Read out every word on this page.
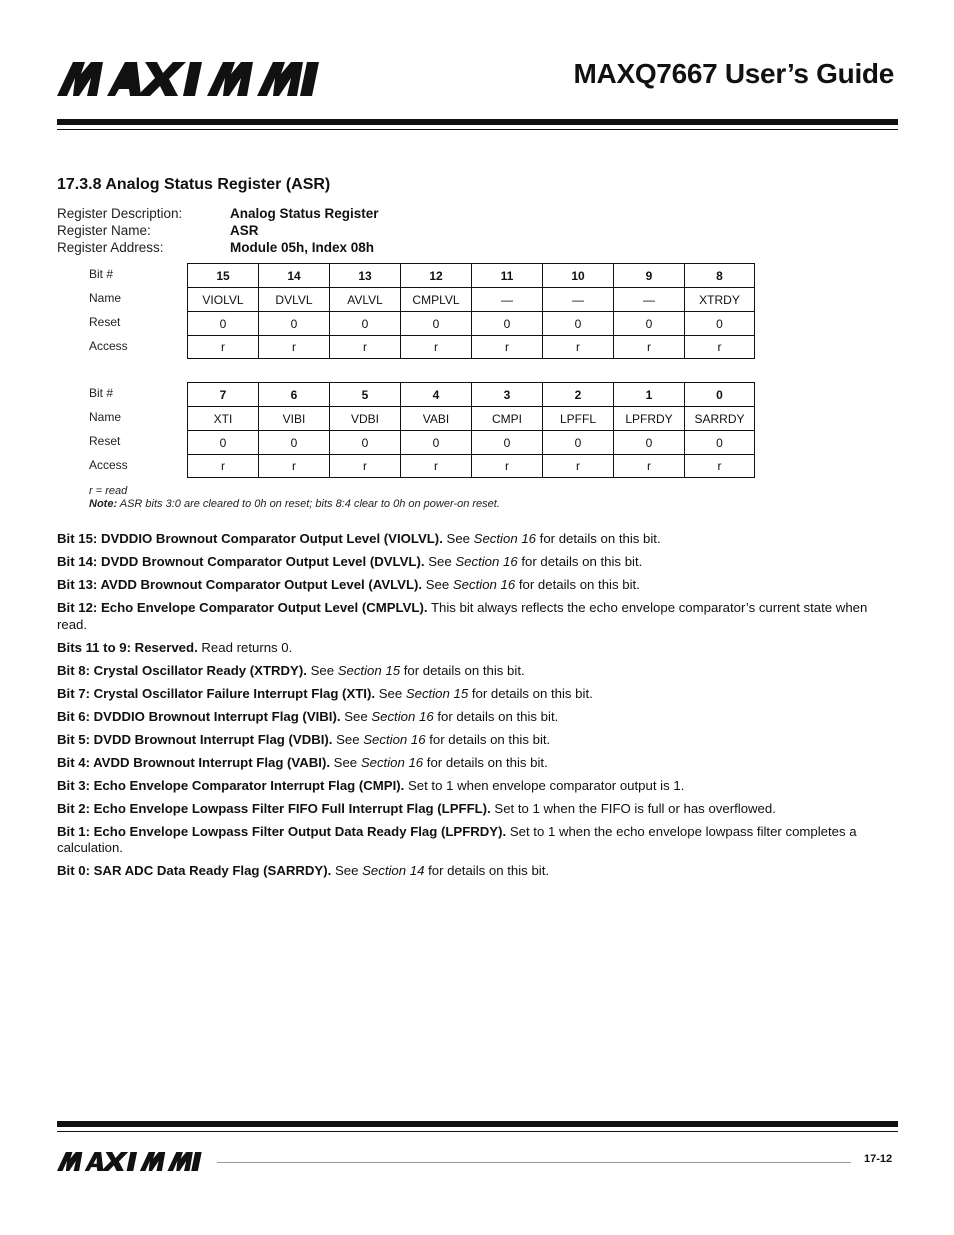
MAXQ7667 User’s Guide
17.3.8 Analog Status Register (ASR)
Register Description:	Analog Status Register
Register Name:	ASR
Register Address:	Module 05h, Index 08h
Bit #	15	14	13	12	11	10	9	8
Name	VIOLVL	DVLVL	AVLVL	CMPLVL	—	—	—	XTRDY
Reset	0	0	0	0	0	0	0	0
Access	r	r	r	r	r	r	r	r
Bit #	7	6	5	4	3	2	1	0
Name	XTI	VIBI	VDBI	VABI	CMPI	LPFFL	LPFRDY	SARRDY
Reset	0	0	0	0	0	0	0	0
Access	r	r	r	r	r	r	r	r
r = read
Note: ASR bits 3:0 are cleared to 0h on reset; bits 8:4 clear to 0h on power-on reset.

Bit 15: DVDDIO Brownout Comparator Output Level (VIOLVL). See Section 16 for details on this bit.

Bit 14: DVDD Brownout Comparator Output Level (DVLVL). See Section 16 for details on this bit.

Bit 13: AVDD Brownout Comparator Output Level (AVLVL). See Section 16 for details on this bit.

Bit 12: Echo Envelope Comparator Output Level (CMPLVL). This bit always reflects the echo envelope comparator’s current state when read.

Bits 11 to 9: Reserved. Read returns 0.

Bit 8: Crystal Oscillator Ready (XTRDY). See Section 15 for details on this bit.

Bit 7: Crystal Oscillator Failure Interrupt Flag (XTI). See Section 15 for details on this bit.

Bit 6: DVDDIO Brownout Interrupt Flag (VIBI). See Section 16 for details on this bit.

Bit 5: DVDD Brownout Interrupt Flag (VDBI). See Section 16 for details on this bit.

Bit 4: AVDD Brownout Interrupt Flag (VABI). See Section 16 for details on this bit.

Bit 3: Echo Envelope Comparator Interrupt Flag (CMPI). Set to 1 when envelope comparator output is 1.

Bit 2: Echo Envelope Lowpass Filter FIFO Full Interrupt Flag (LPFFL). Set to 1 when the FIFO is full or has overflowed.

Bit 1: Echo Envelope Lowpass Filter Output Data Ready Flag (LPFRDY). Set to 1 when the echo envelope lowpass filter completes a calculation.

Bit 0: SAR ADC Data Ready Flag (SARRDY). See Section 14 for details on this bit.

17-12
